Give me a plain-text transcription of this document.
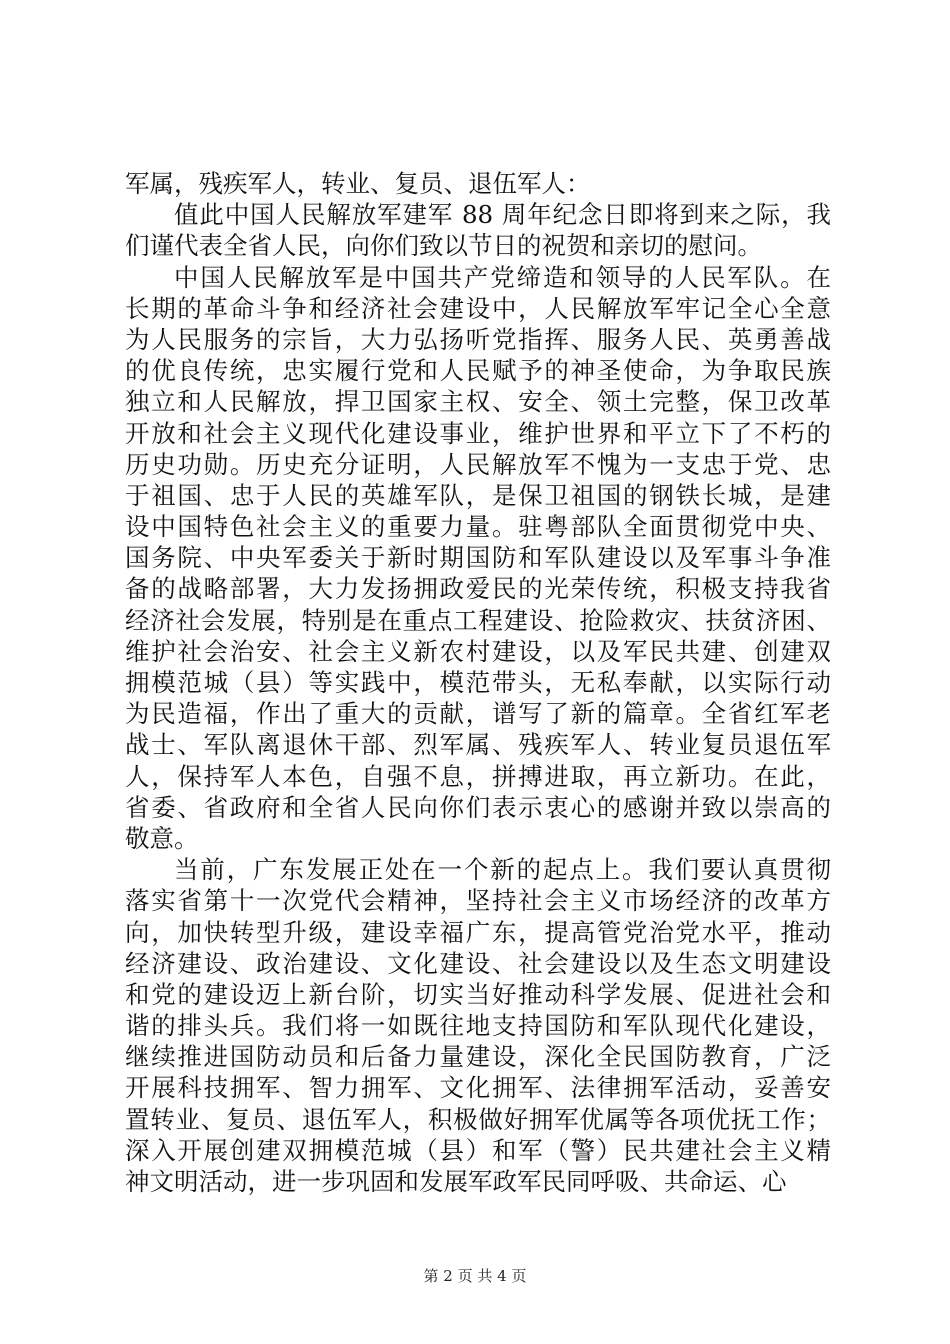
军属，残疾军人，转业、复员、退伍军人：
值此中国人民解放军建军 88 周年纪念日即将到来之际，我
们谨代表全省人民，向你们致以节日的祝贺和亲切的慰问。
中国人民解放军是中国共产党缔造和领导的人民军队。在
长期的革命斗争和经济社会建设中，人民解放军牢记全心全意
为人民服务的宗旨，大力弘扬听党指挥、服务人民、英勇善战
的优良传统，忠实履行党和人民赋予的神圣使命，为争取民族
独立和人民解放，捍卫国家主权、安全、领土完整，保卫改革
开放和社会主义现代化建设事业，维护世界和平立下了不朽的
历史功勋。历史充分证明，人民解放军不愧为一支忠于党、忠
于祖国、忠于人民的英雄军队，是保卫祖国的钢铁长城，是建
设中国特色社会主义的重要力量。驻粤部队全面贯彻党中央、
国务院、中央军委关于新时期国防和军队建设以及军事斗争准
备的战略部署，大力发扬拥政爱民的光荣传统，积极支持我省
经济社会发展，特别是在重点工程建设、抢险救灾、扶贫济困、
维护社会治安、社会主义新农村建设，以及军民共建、创建双
拥模范城（县）等实践中，模范带头，无私奉献，以实际行动
为民造福，作出了重大的贡献，谱写了新的篇章。全省红军老
战士、军队离退休干部、烈军属、残疾军人、转业复员退伍军
人，保持军人本色，自强不息，拼搏进取，再立新功。在此，
省委、省政府和全省人民向你们表示衷心的感谢并致以崇高的
敬意。
当前，广东发展正处在一个新的起点上。我们要认真贯彻
落实省第十一次党代会精神，坚持社会主义市场经济的改革方
向，加快转型升级，建设幸福广东，提高管党治党水平，推动
经济建设、政治建设、文化建设、社会建设以及生态文明建设
和党的建设迈上新台阶，切实当好推动科学发展、促进社会和
谐的排头兵。我们将一如既往地支持国防和军队现代化建设，
继续推进国防动员和后备力量建设，深化全民国防教育，广泛
开展科技拥军、智力拥军、文化拥军、法律拥军活动，妥善安
置转业、复员、退伍军人，积极做好拥军优属等各项优抚工作；
深入开展创建双拥模范城（县）和军（警）民共建社会主义精
神文明活动，进一步巩固和发展军政军民同呼吸、共命运、心
第 2 页 共 4 页
